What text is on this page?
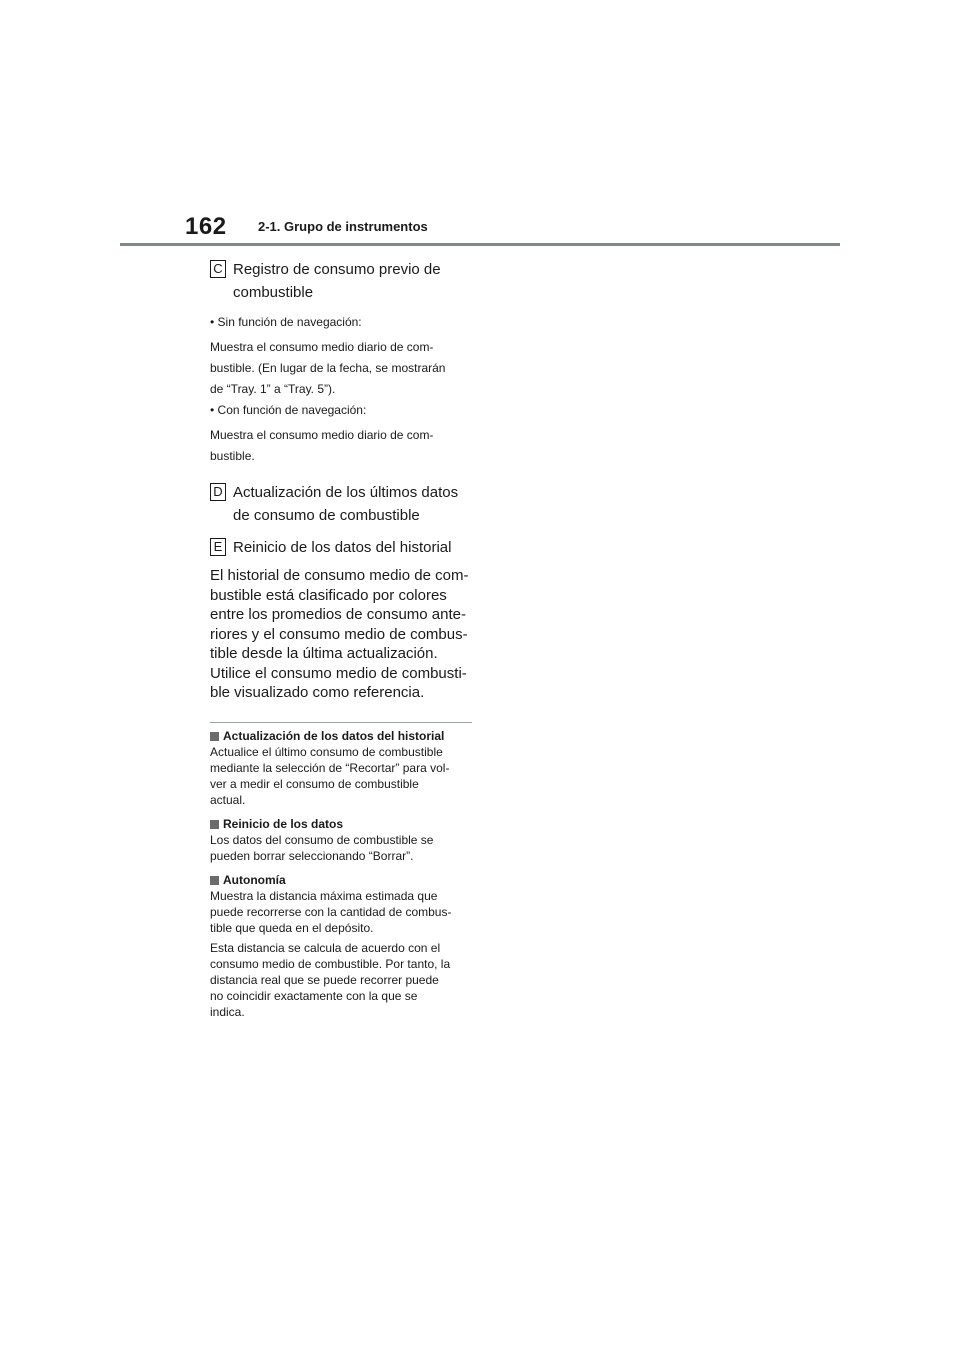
162 2-1. Grupo de instrumentos
C Registro de consumo previo de
combustible

• Sin función de navegación:

Muestra el consumo medio diario de com-
bustible. (En lugar de la fecha, se mostrarán
de “Tray. 1” a “Tray. 5”).

• Con función de navegación:

Muestra el consumo medio diario de com-
bustible.

D Actualización de los últimos datos
de consumo de combustible
E Reinicio de los datos del historial

El historial de consumo medio de com-
bustible está clasificado por colores
entre los promedios de consumo ante-
riores y el consumo medio de combus-
tible desde la última actualización.
Utilice el consumo medio de combusti-
ble visualizado como referencia.

Actualización de los datos del historial

Actualice el último consumo de combustible
mediante la selección de “Recortar” para vol-
ver a medir el consumo de combustible
actual.

Reinicio de los datos

Los datos del consumo de combustible se
pueden borrar seleccionando “Borrar”.

Autonomía

Muestra la distancia máxima estimada que
puede recorrerse con la cantidad de combus-
tible que queda en el depósito.

Esta distancia se calcula de acuerdo con el
consumo medio de combustible. Por tanto, la
distancia real que se puede recorrer puede
no coincidir exactamente con la que se
indica.
